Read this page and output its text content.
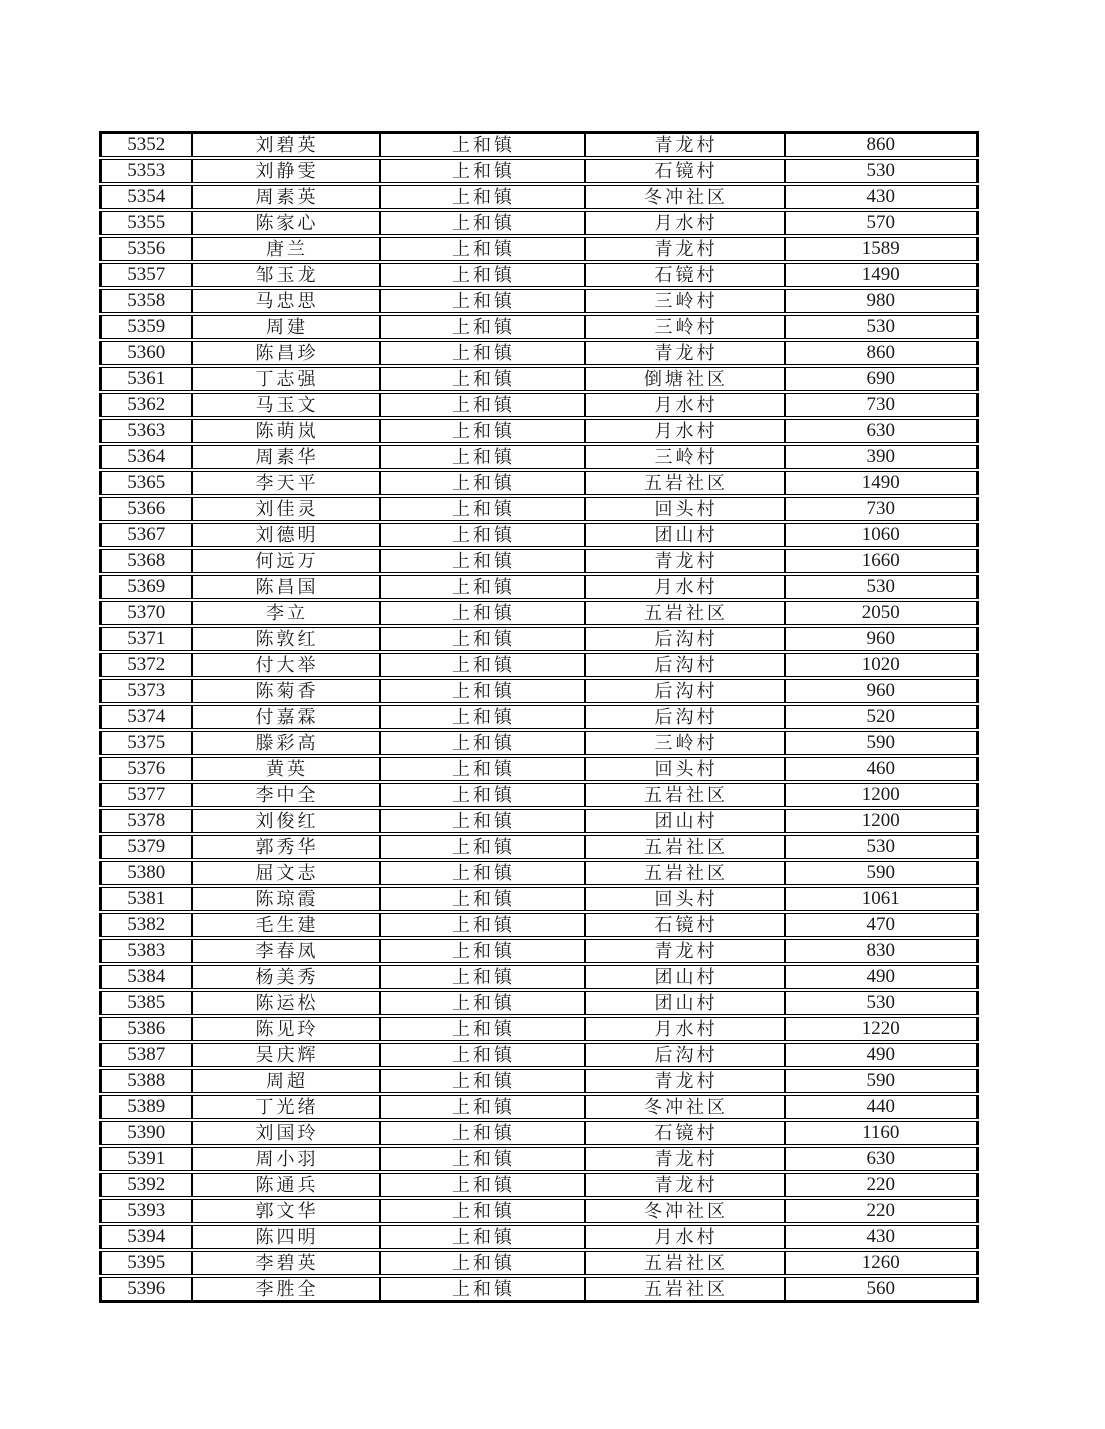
5352	刘碧英	上和镇	青龙村	860
5353	刘静雯	上和镇	石镜村	530
5354	周素英	上和镇	冬冲社区	430
5355	陈家心	上和镇	月水村	570
5356	唐兰	上和镇	青龙村	1589
5357	邹玉龙	上和镇	石镜村	1490
5358	马忠思	上和镇	三岭村	980
5359	周建	上和镇	三岭村	530
5360	陈昌珍	上和镇	青龙村	860
5361	丁志强	上和镇	倒塘社区	690
5362	马玉文	上和镇	月水村	730
5363	陈萌岚	上和镇	月水村	630
5364	周素华	上和镇	三岭村	390
5365	李天平	上和镇	五岩社区	1490
5366	刘佳灵	上和镇	回头村	730
5367	刘德明	上和镇	团山村	1060
5368	何远万	上和镇	青龙村	1660
5369	陈昌国	上和镇	月水村	530
5370	李立	上和镇	五岩社区	2050
5371	陈敦红	上和镇	后沟村	960
5372	付大举	上和镇	后沟村	1020
5373	陈菊香	上和镇	后沟村	960
5374	付嘉霖	上和镇	后沟村	520
5375	滕彩高	上和镇	三岭村	590
5376	黄英	上和镇	回头村	460
5377	李中全	上和镇	五岩社区	1200
5378	刘俊红	上和镇	团山村	1200
5379	郭秀华	上和镇	五岩社区	530
5380	屈文志	上和镇	五岩社区	590
5381	陈琼霞	上和镇	回头村	1061
5382	毛生建	上和镇	石镜村	470
5383	李春凤	上和镇	青龙村	830
5384	杨美秀	上和镇	团山村	490
5385	陈运松	上和镇	团山村	530
5386	陈见玲	上和镇	月水村	1220
5387	吴庆辉	上和镇	后沟村	490
5388	周超	上和镇	青龙村	590
5389	丁光绪	上和镇	冬冲社区	440
5390	刘国玲	上和镇	石镜村	1160
5391	周小羽	上和镇	青龙村	630
5392	陈通兵	上和镇	青龙村	220
5393	郭文华	上和镇	冬冲社区	220
5394	陈四明	上和镇	月水村	430
5395	李碧英	上和镇	五岩社区	1260
5396	李胜全	上和镇	五岩社区	560
